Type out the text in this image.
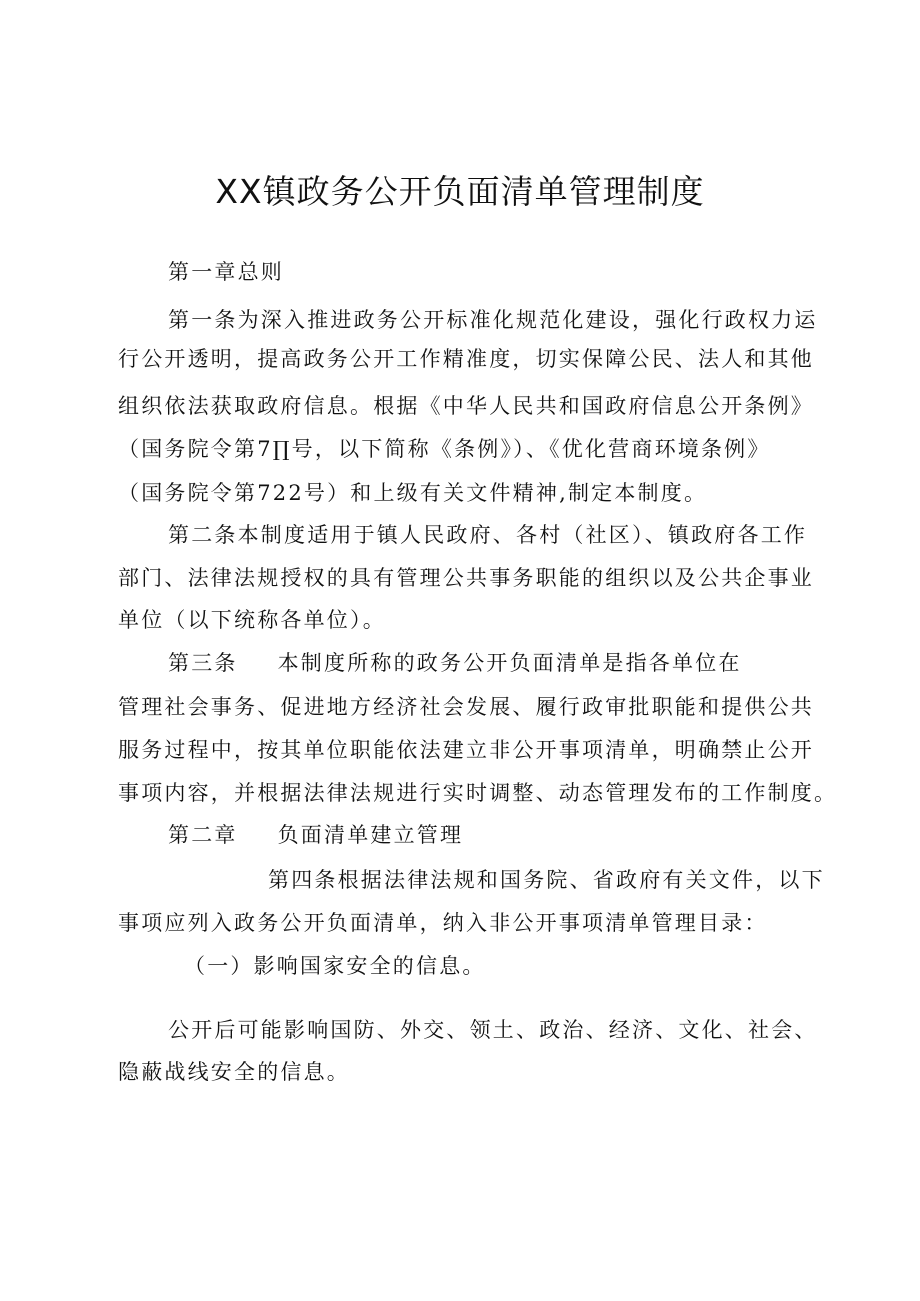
XX镇政务公开负面清单管理制度
第一章总则
第一条为深入推进政务公开标准化规范化建设，强化行政权力运
行公开透明，提高政务公开工作精准度，切实保障公民、法人和其他
组织依法获取政府信息。根据《中华人民共和国政府信息公开条例》
（国务院令第7∏号，以下简称《条例》）、《优化营商环境条例》
（国务院令第722号）和上级有关文件精神,制定本制度。
第二条本制度适用于镇人民政府、各村（社区）、镇政府各工作
部门、法律法规授权的具有管理公共事务职能的组织以及公共企事业
单位（以下统称各单位）。
第三条 本制度所称的政务公开负面清单是指各单位在
管理社会事务、促进地方经济社会发展、履行政审批职能和提供公共
服务过程中，按其单位职能依法建立非公开事项清单，明确禁止公开
事项内容，并根据法律法规进行实时调整、动态管理发布的工作制度。
第二章 负面清单建立管理
第四条根据法律法规和国务院、省政府有关文件，以下
事项应列入政务公开负面清单，纳入非公开事项清单管理目录：
（一）影响国家安全的信息。
公开后可能影响国防、外交、领土、政治、经济、文化、社会、
隐蔽战线安全的信息。
